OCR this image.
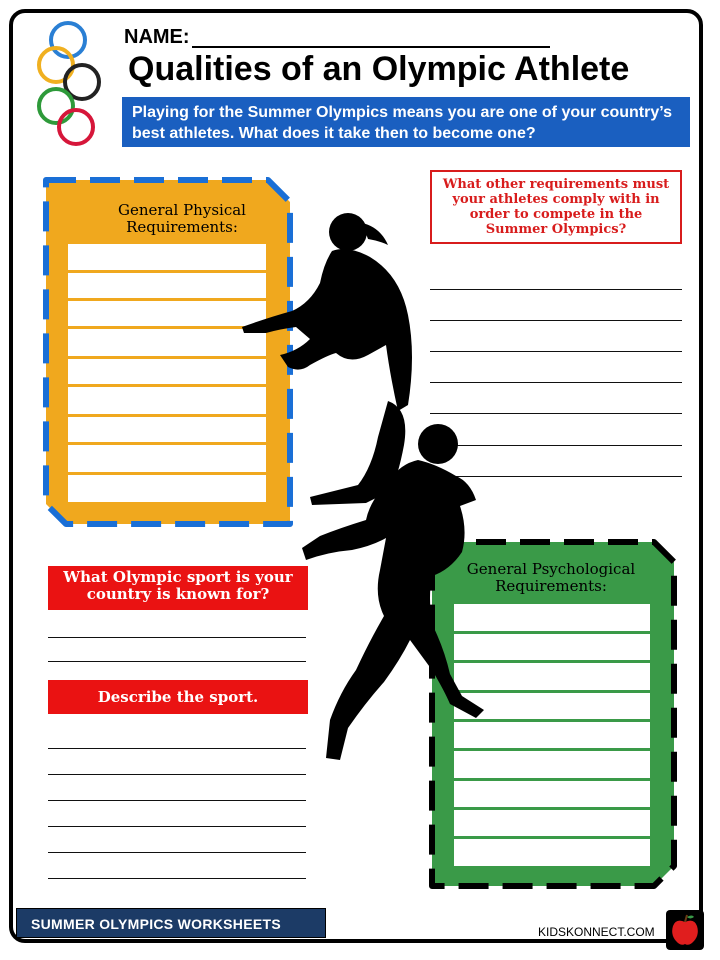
NAME:
Qualities of an Olympic Athlete
Playing for the Summer Olympics means you are one of your country’s best athletes. What does it take then to become one?
General Physical Requirements:
What other requirements must your athletes comply with in order to compete in the Summer Olympics?
General Psychological Requirements:
What Olympic sport is your country is known for?
Describe the sport.
SUMMER OLYMPICS WORKSHEETS	KIDSKONNECT.COM
